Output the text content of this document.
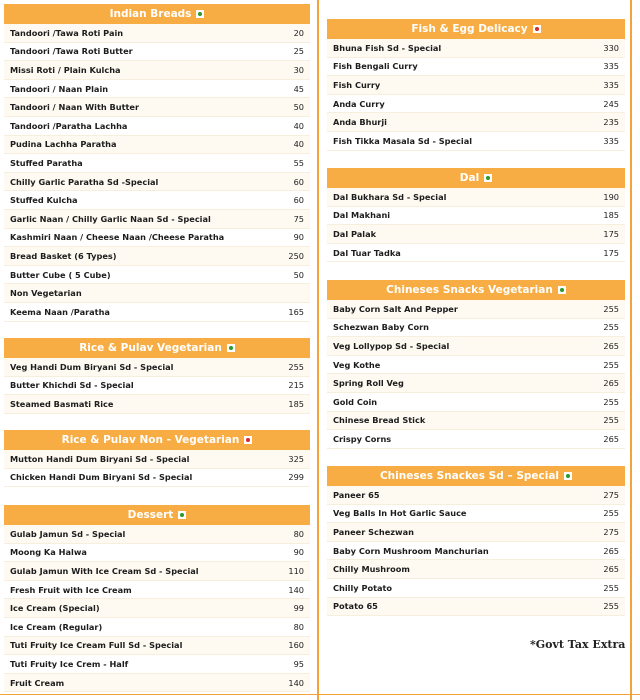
Indian Breads
Tandoori /Tawa Roti Pain	20
Tandoori /Tawa Roti Butter	25
Missi Roti / Plain Kulcha	30
Tandoori / Naan Plain	45
Tandoori / Naan With Butter	50
Tandoori /Paratha Lachha	40
Pudina Lachha Paratha	40
Stuffed Paratha	55
Chilly Garlic Paratha Sd -Special	60
Stuffed Kulcha	60
Garlic Naan / Chilly Garlic Naan Sd - Special	75
Kashmiri Naan / Cheese Naan /Cheese Paratha	90
Bread Basket (6 Types)	250
Butter Cube ( 5 Cube)	50
Non Vegetarian
Keema Naan /Paratha	165
Rice & Pulav Vegetarian
Veg Handi Dum Biryani Sd - Special	255
Butter Khichdi Sd - Special	215
Steamed Basmati Rice	185
Rice & Pulav Non - Vegetarian
Mutton Handi Dum Biryani Sd - Special	325
Chicken Handi Dum Biryani Sd - Special	299
Dessert
Gulab Jamun Sd - Special	80
Moong Ka Halwa	90
Gulab Jamun With Ice Cream Sd - Special	110
Fresh Fruit with Ice Cream	140
Ice Cream (Special)	99
Ice Cream (Regular)	80
Tuti Fruity Ice Cream Full Sd - Special	160
Tuti Fruity Ice Crem - Half	95
Fruit Cream	140
Fish & Egg Delicacy
Bhuna Fish Sd - Special	330
Fish Bengali Curry	335
Fish Curry	335
Anda Curry	245
Anda Bhurji	235
Fish Tikka Masala Sd - Special	335
Dal
Dal Bukhara Sd - Special	190
Dal Makhani	185
Dal Palak	175
Dal Tuar Tadka	175
Chineses Snacks Vegetarian
Baby Corn Salt And Pepper	255
Schezwan Baby Corn	255
Veg Lollypop Sd - Special	265
Veg Kothe	255
Spring Roll Veg	265
Gold Coin	255
Chinese Bread Stick	255
Crispy Corns	265
Chineses Snackes Sd – Special
Paneer 65	275
Veg Balls In Hot Garlic Sauce	255
Paneer Schezwan	275
Baby Corn Mushroom Manchurian	265
Chilly Mushroom	265
Chilly Potato	255
Potato 65	255
*Govt Tax Extra
